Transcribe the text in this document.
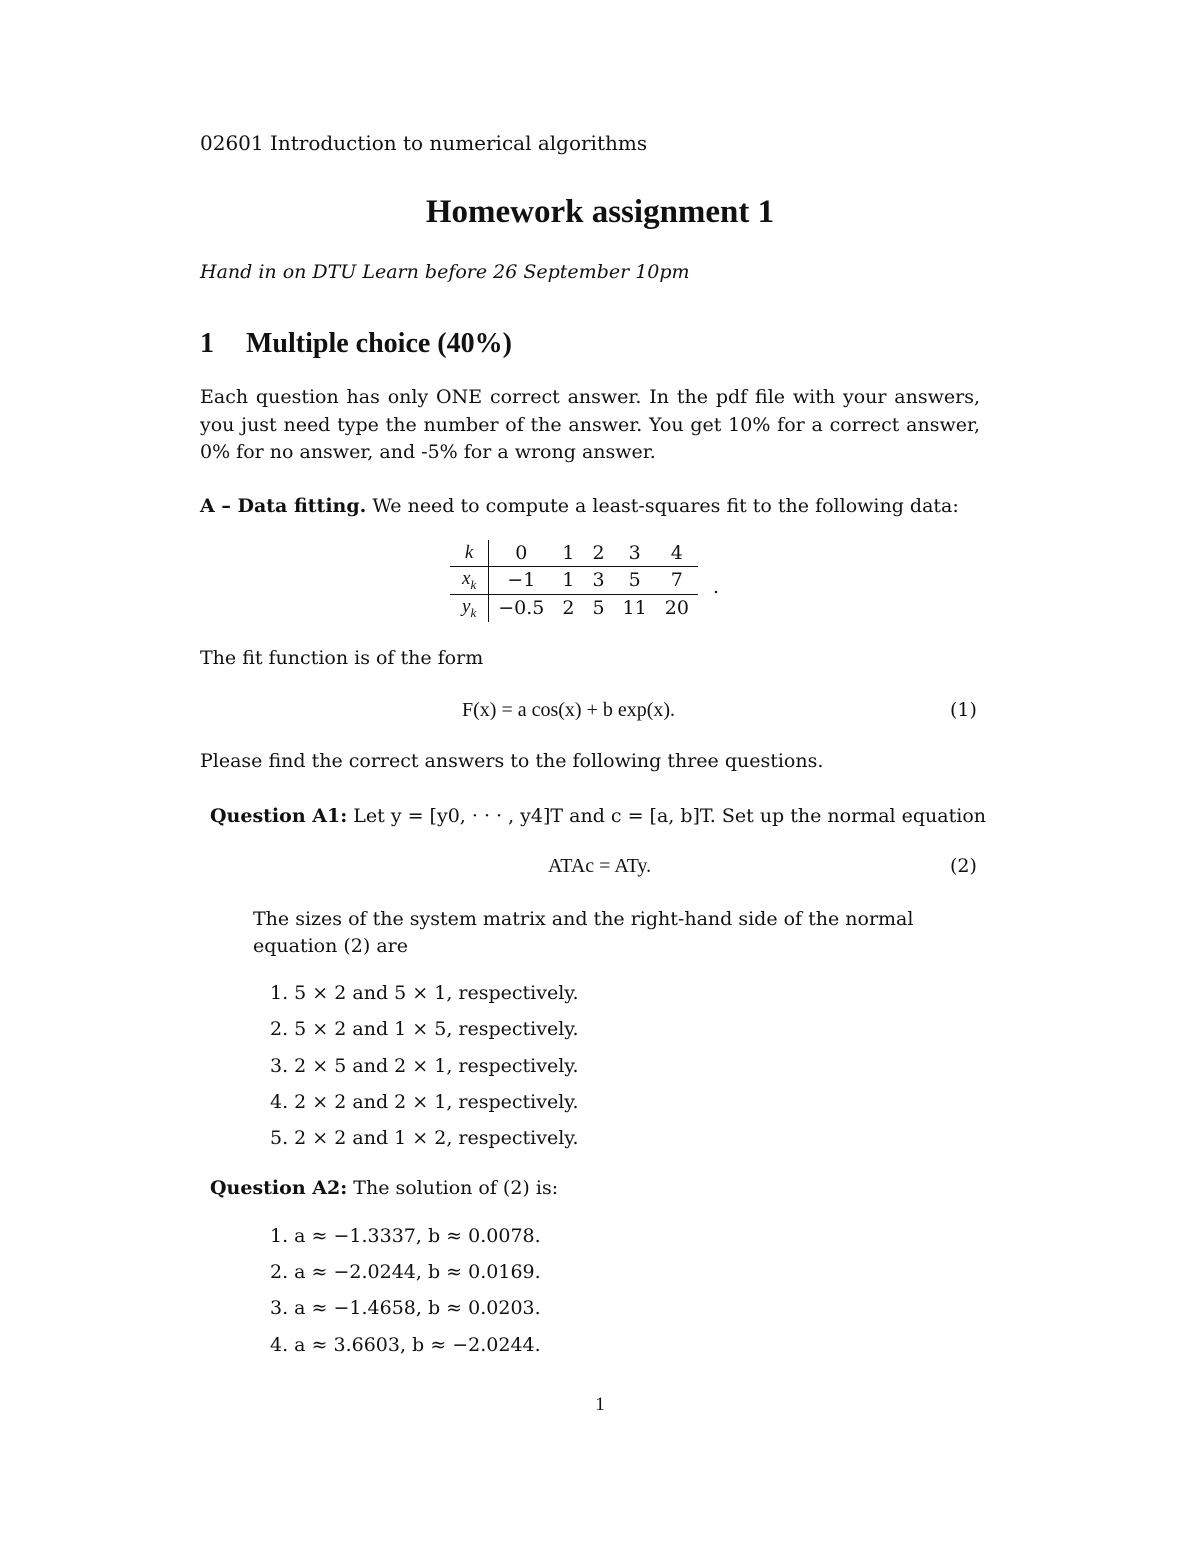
02601 Introduction to numerical algorithms
Homework assignment 1
Hand in on DTU Learn before 26 September 10pm
1 Multiple choice (40%)
Each question has only ONE correct answer. In the pdf file with your answers, you just need type the number of the answer. You get 10% for a correct answer, 0% for no answer, and -5% for a wrong answer.
A – Data fitting. We need to compute a least-squares fit to the following data:
k	0	1	2	3	4
$x_k$	−1	1	3	5	7
$y_k$	−0.5	2	5	11	20
.
The fit function is of the form
F(x) = a cos(x) + b exp(x).	(1)
Please find the correct answers to the following three questions.
Question A1: Let y = [y0, · · · , y4]T and c = [a, b]T. Set up the normal equation
ATAc = ATy.	(2)
The sizes of the system matrix and the right-hand side of the normal equation (2) are
1. 5 × 2 and 5 × 1, respectively.
2. 5 × 2 and 1 × 5, respectively.
3. 2 × 5 and 2 × 1, respectively.
4. 2 × 2 and 2 × 1, respectively.
5. 2 × 2 and 1 × 2, respectively.
Question A2: The solution of (2) is:
1. a ≈ −1.3337, b ≈ 0.0078.
2. a ≈ −2.0244, b ≈ 0.0169.
3. a ≈ −1.4658, b ≈ 0.0203.
4. a ≈ 3.6603, b ≈ −2.0244.
1
